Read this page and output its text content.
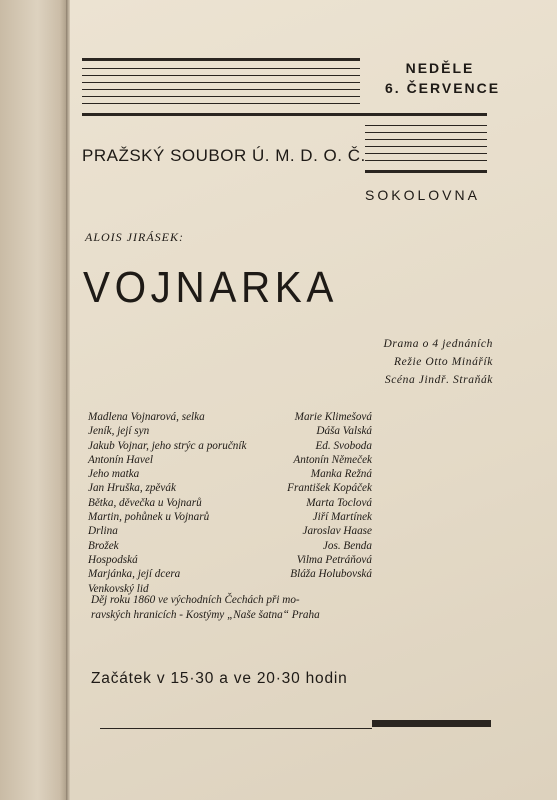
NEDĚLE
6. ČERVENCE
PRAŽSKÝ SOUBOR Ú. M. D. O. Č.
SOKOLOVNA
ALOIS JIRÁSEK:
VOJNARKA
Drama o 4 jednáních
Režie Otto Minářík
Scéna Jindř. Straňák
Madlena Vojnarová, selka	Marie Klimešová
Jeník, její syn	Dáša Valská
Jakub Vojnar, jeho strýc a poručník	Ed. Svoboda
Antonín Havel	Antonín Němeček
Jeho matka	Manka Režná
Jan Hruška, zpěvák	František Kopáček
Bětka, děvečka u Vojnarů	Marta Toclová
Martin, pohůnek u Vojnarů	Jiří Martínek
Drlina	Jaroslav Haase
Brožek	Jos. Benda
Hospodská	Vilma Petráňová
Marjánka, její dcera	Bláža Holubovská
Venkovský lid
Děj roku 1860 ve východních Čechách při mo-
ravských hranicích - Kostýmy „Naše šatna“ Praha
Začátek v 15·30 a ve 20·30 hodin
